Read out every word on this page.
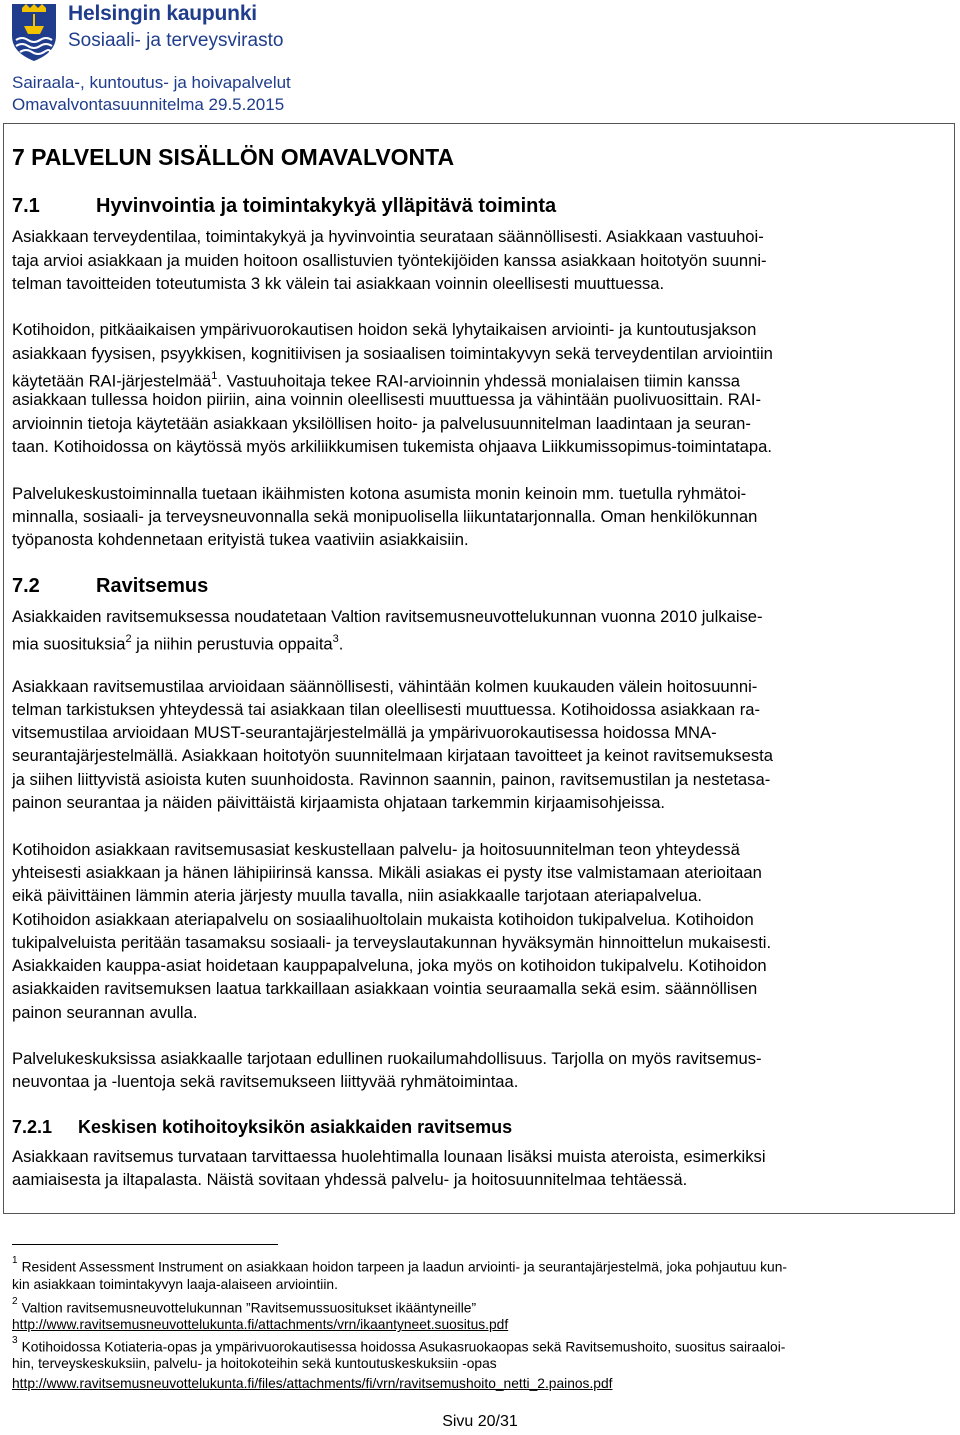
Helsingin kaupunki
Sosiaali- ja terveysvirasto
Sairaala-, kuntoutus- ja hoivapalvelut
Omavalvontasuunnitelma 29.5.2015
7 PALVELUN SISÄLLÖN OMAVALVONTA
7.1	Hyvinvointia ja toimintakykyä ylläpitävä toiminta
Asiakkaan terveydentilaa, toimintakykyä ja hyvinvointia seurataan säännöllisesti. Asiakkaan vastuuhoi-
taja arvioi asiakkaan ja muiden hoitoon osallistuvien työntekijöiden kanssa asiakkaan hoitotyön suunni-
telman tavoitteiden toteutumista 3 kk välein tai asiakkaan voinnin oleellisesti muuttuessa.
Kotihoidon, pitkäaikaisen ympärivuorokautisen hoidon sekä lyhytaikaisen arviointi- ja kuntoutusjakson
asiakkaan fyysisen, psyykkisen, kognitiivisen ja sosiaalisen toimintakyvyn sekä terveydentilan arviointiin
käytetään RAI-järjestelmää$^1$. Vastuuhoitaja tekee RAI-arvioinnin yhdessä monialaisen tiimin kanssa
asiakkaan tullessa hoidon piiriin, aina voinnin oleellisesti muuttuessa ja vähintään puolivuosittain. RAI-
arvioinnin tietoja käytetään asiakkaan yksilöllisen hoito- ja palvelusuunnitelman laadintaan ja seuran-
taan. Kotihoidossa on käytössä myös arkiliikkumisen tukemista ohjaava Liikkumissopimus-toimintatapa.
Palvelukeskustoiminnalla tuetaan ikäihmisten kotona asumista monin keinoin mm. tuetulla ryhmätoi-
minnalla, sosiaali- ja terveysneuvonnalla sekä monipuolisella liikuntatarjonnalla. Oman henkilökunnan
työpanosta kohdennetaan erityistä tukea vaativiin asiakkaisiin.
7.2	Ravitsemus
Asiakkaiden ravitsemuksessa noudatetaan Valtion ravitsemusneuvottelukunnan vuonna 2010 julkaise-
mia suosituksia$^2$ ja niihin perustuvia oppaita$^3$.
Asiakkaan ravitsemustilaa arvioidaan säännöllisesti, vähintään kolmen kuukauden välein hoitosuunni-
telman tarkistuksen yhteydessä tai asiakkaan tilan oleellisesti muuttuessa. Kotihoidossa asiakkaan ra-
vitsemustilaa arvioidaan MUST-seurantajärjestelmällä ja ympärivuorokautisessa hoidossa MNA-
seurantajärjestelmällä. Asiakkaan hoitotyön suunnitelmaan kirjataan tavoitteet ja keinot ravitsemuksesta
ja siihen liittyvistä asioista kuten suunhoidosta. Ravinnon saannin, painon, ravitsemustilan ja nestetasa-
painon seurantaa ja näiden päivittäistä kirjaamista ohjataan tarkemmin kirjaamisohjeissa.
Kotihoidon asiakkaan ravitsemusasiat keskustellaan palvelu- ja hoitosuunnitelman teon yhteydessä
yhteisesti asiakkaan ja hänen lähipiirinsä kanssa. Mikäli asiakas ei pysty itse valmistamaan aterioitaan
eikä päivittäinen lämmin ateria järjesty muulla tavalla, niin asiakkaalle tarjotaan ateriapalvelua.
Kotihoidon asiakkaan ateriapalvelu on sosiaalihuoltolain mukaista kotihoidon tukipalvelua. Kotihoidon
tukipalveluista peritään tasamaksu sosiaali- ja terveyslautakunnan hyväksymän hinnoittelun mukaisesti.
Asiakkaiden kauppa-asiat hoidetaan kauppapalveluna, joka myös on kotihoidon tukipalvelu. Kotihoidon
asiakkaiden ravitsemuksen laatua tarkkaillaan asiakkaan vointia seuraamalla sekä esim. säännöllisen
painon seurannan avulla.
Palvelukeskuksissa asiakkaalle tarjotaan edullinen ruokailumahdollisuus. Tarjolla on myös ravitsemus-
neuvontaa ja -luentoja sekä ravitsemukseen liittyvää ryhmätoimintaa.
7.2.1 Keskisen kotihoitoyksikön asiakkaiden ravitsemus
Asiakkaan ravitsemus turvataan tarvittaessa huolehtimalla lounaan lisäksi muista ateroista, esimerkiksi
aamiaisesta ja iltapalasta. Näistä sovitaan yhdessä palvelu- ja hoitosuunnitelmaa tehtäessä.
$^1$ Resident Assessment Instrument on asiakkaan hoidon tarpeen ja laadun arviointi- ja seurantajärjestelmä, joka pohjautuu kun-
kin asiakkaan toimintakyvyn laaja-alaiseen arviointiin.
$^2$ Valtion ravitsemusneuvottelukunnan ”Ravitsemussuositukset ikääntyneille”
http://www.ravitsemusneuvottelukunta.fi/attachments/vrn/ikaantyneet.suositus.pdf
$^3$ Kotihoidossa Kotiateria-opas ja ympärivuorokautisessa hoidossa Asukasruokaopas sekä Ravitsemushoito, suositus sairaaloi-
hin, terveyskeskuksiin, palvelu- ja hoitokoteihin sekä kuntoutuskeskuksiin -opas
http://www.ravitsemusneuvottelukunta.fi/files/attachments/fi/vrn/ravitsemushoito_netti_2.painos.pdf
Sivu 20/31
